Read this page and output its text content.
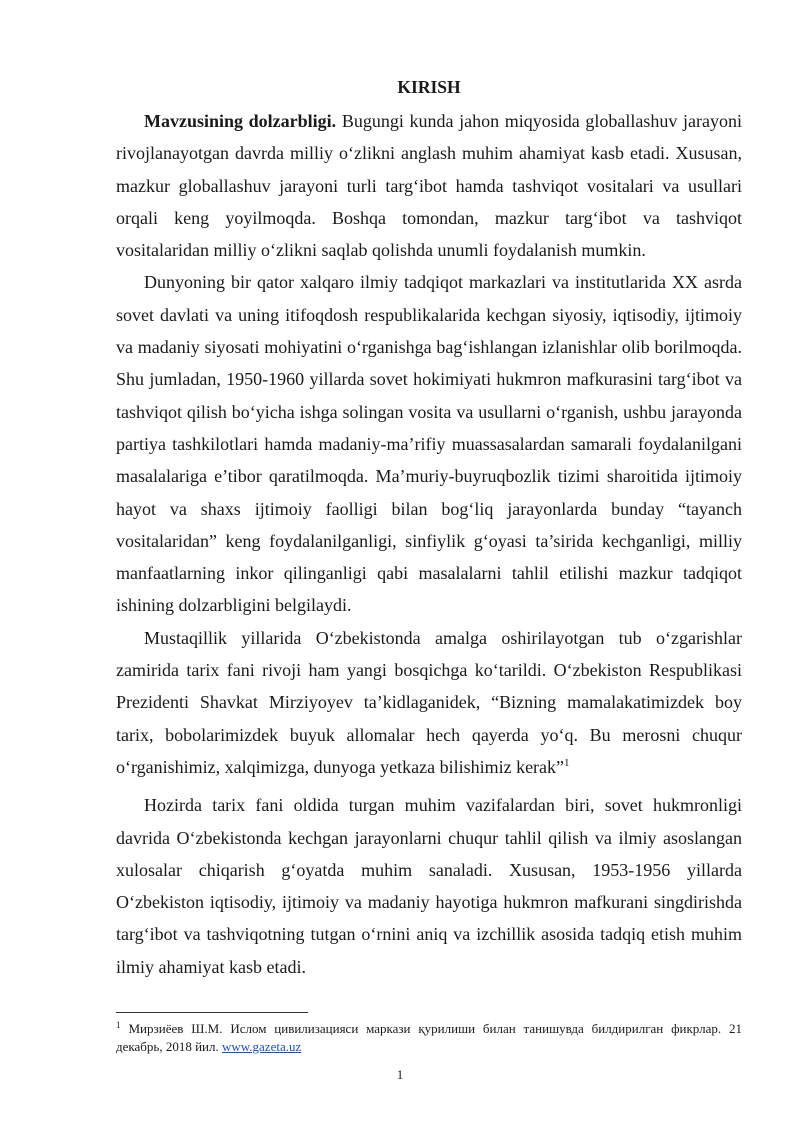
KIRISH

Mavzusining dolzarbligi. Bugungi kunda jahon miqyosida globallashuv jarayoni rivojlanayotgan davrda milliy o‘zlikni anglash muhim ahamiyat kasb etadi. Xususan, mazkur globallashuv jarayoni turli targ‘ibot hamda tashviqot vositalari va usullari orqali keng yoyilmoqda. Boshqa tomondan, mazkur targ‘ibot va tashviqot vositalaridan milliy o‘zlikni saqlab qolishda unumli foydalanish mumkin.

Dunyoning bir qator xalqaro ilmiy tadqiqot markazlari va institutlarida XX asrda sovet davlati va uning itifoqdosh respublikalarida kechgan siyosiy, iqtisodiy, ijtimoiy va madaniy siyosati mohiyatini o‘rganishga bag‘ishlangan izlanishlar olib borilmoqda. Shu jumladan, 1950-1960 yillarda sovet hokimiyati hukmron mafkurasini targ‘ibot va tashviqot qilish bo‘yicha ishga solingan vosita va usullarni o‘rganish, ushbu jarayonda partiya tashkilotlari hamda madaniy-ma’rifiy muassasalardan samarali foydalanilgani masalalariga e’tibor qaratilmoqda. Ma’muriy-buyruqbozlik tizimi sharoitida ijtimoiy hayot va shaxs ijtimoiy faolligi bilan bog‘liq jarayonlarda bunday “tayanch vositalaridan” keng foydalanilganligi, sinfiylik g‘oyasi ta’sirida kechganligi, milliy manfaatlarning inkor qilinganligi qabi masalalarni tahlil etilishi mazkur tadqiqot ishining dolzarbligini belgilaydi.

Mustaqillik yillarida O‘zbekistonda amalga oshirilayotgan tub o‘zgarishlar zamirida tarix fani rivoji ham yangi bosqichga ko‘tarildi. O‘zbekiston Respublikasi Prezidenti Shavkat Mirziyoyev ta’kidlaganidek, “Bizning mamalakatimizdek boy tarix, bobolarimizdek buyuk allomalar hech qayerda yo‘q. Bu merosni chuqur o‘rganishimiz, xalqimizga, dunyoga yetkaza bilishimiz kerak”$^1$

Hozirda tarix fani oldida turgan muhim vazifalardan biri, sovet hukmronligi davrida O‘zbekistonda kechgan jarayonlarni chuqur tahlil qilish va ilmiy asoslangan xulosalar chiqarish g‘oyatda muhim sanaladi. Xususan, 1953-1956 yillarda O‘zbekiston iqtisodiy, ijtimoiy va madaniy hayotiga hukmron mafkurani singdirishda targ‘ibot va tashviqotning tutgan o‘rnini aniq va izchillik asosida tadqiq etish muhim ilmiy ahamiyat kasb etadi.

$^1$ Мирзиёев Ш.М. Ислом цивилизацияси маркази қурилиши билан танишувда билдирилган фикрлар. 21 декабрь, 2018 йил. www.gazeta.uz
1
